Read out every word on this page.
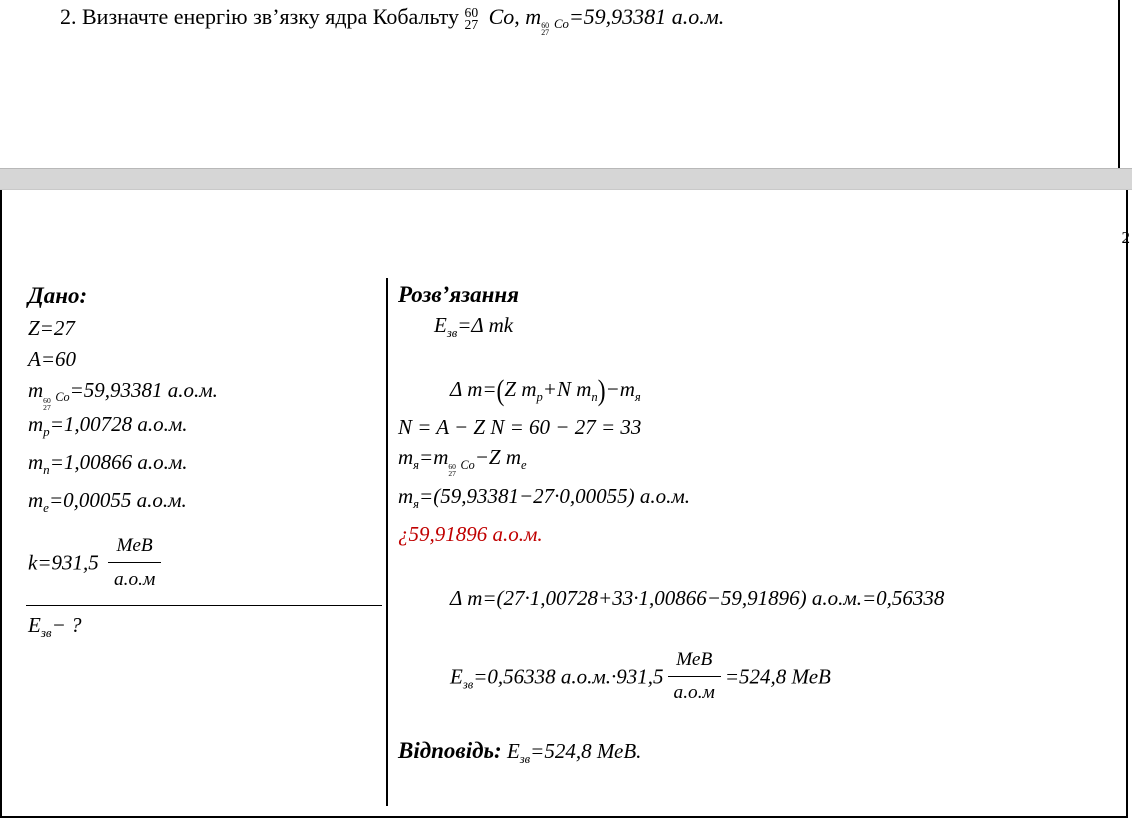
2. Визначте енергію зв’язку ядра Кобальту 60
27 Co, m $_{60 27 Co}$=59,93381 а.о.м.
2
Дано:
Z=27
A=60
m $_{60 27 Co}$=59,93381 а.о.м.
$m_p=1,00728$ а.о.м.
$m_n=1,00866$ а.о.м.
$m_e=0,00055$ а.о.м.
$k=931,5 \frac{\text{МеВ}}{а.о.м}$
$E_{зв}-$ ?
Розв’язання
$E_{зв}=\Delta$ mk
Δ m=(Z $m_p+N$ $m_n)-m_я$
N = A − Z N = 60 − 27 = 33
$m_я=m$ $_{60 27 Co}$−Z $m_e$
$m_я=(59,93381-27\cdot 0,00055)$ а.о.м.
¿59,91896 а.о.м.
Δ m=(27·1,00728+33·1,00866−59,91896) а.о.м.=0,56338
$E_{зв}=0,56338$ $а.о.м.\cdot 931,5 \frac{\text{МеВ}}{а.о.м} =524,8$ МеВ
Відповідь: $E_{зв}=524,8$ МеВ.
